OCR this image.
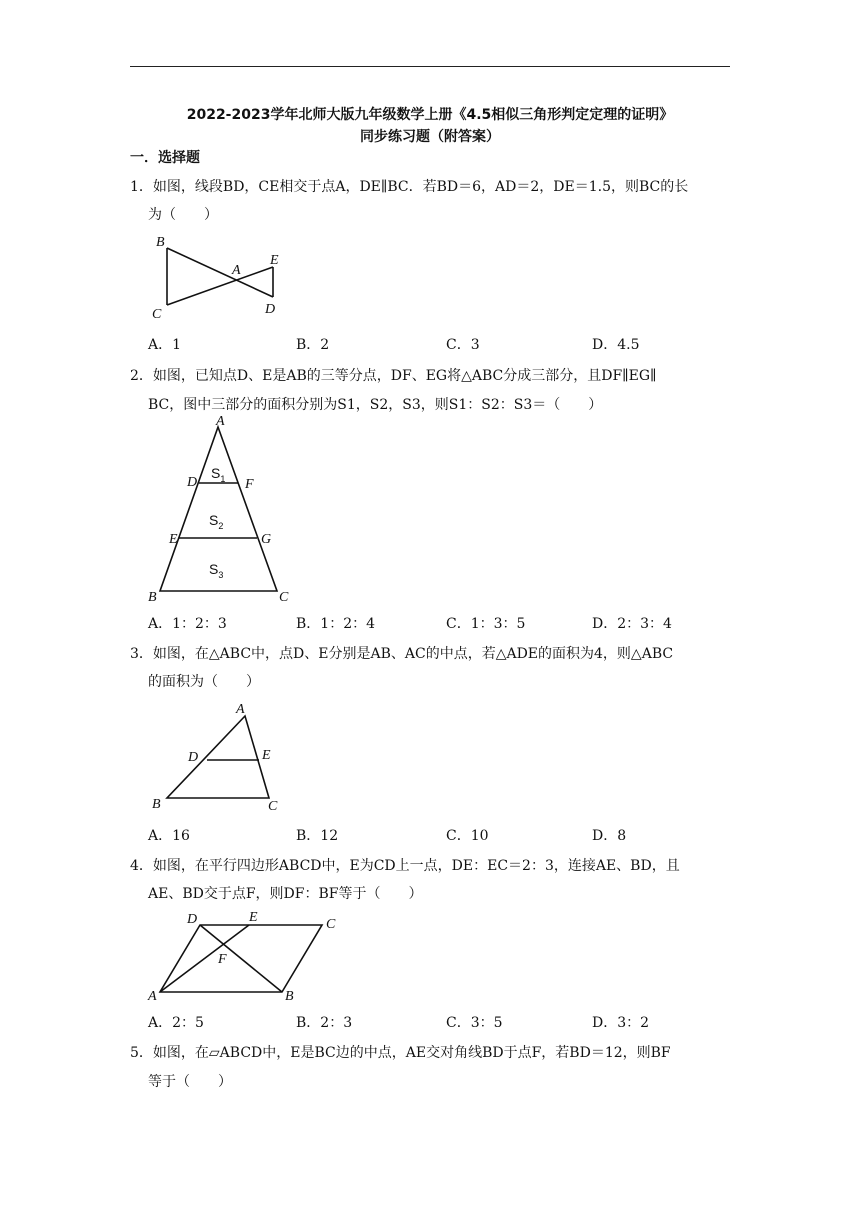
2022-2023学年北师大版九年级数学上册《4.5相似三角形判定定理的证明》
同步练习题（附答案）
一．选择题
1．如图，线段BD，CE相交于点A，DE∥BC．若BD＝6，AD＝2，DE＝1.5，则BC的长
为（　　）
B
A
E
C	D
A．1	B．2	C．3	D．4.5
2．如图，已知点D、E是AB的三等分点，DF、EG将△ABC分成三部分，且DF∥EG∥
BC，图中三部分的面积分别为S1，S2，S3，则S1：S2：S3＝（　　）
A
D	F
E	G
B	C
$S_1$
$S_2$
$S_3$
A．1：2：3	B．1：2：4	C．1：3：5	D．2：3：4
3．如图，在△ABC中，点D、E分别是AB、AC的中点，若△ADE的面积为4，则△ABC
的面积为（　　）
A
D	E
B	C
A．16	B．12	C．10	D．8
4．如图，在平行四边形ABCD中，E为CD上一点，DE：EC＝2：3，连接AE、BD，且
AE、BD交于点F，则DF：BF等于（　　）
D	E	C
F
A	B
A．2：5	B．2：3	C．3：5	D．3：2
5．如图，在▱ABCD中，E是BC边的中点，AE交对角线BD于点F，若BD＝12，则BF
等于（　　）
